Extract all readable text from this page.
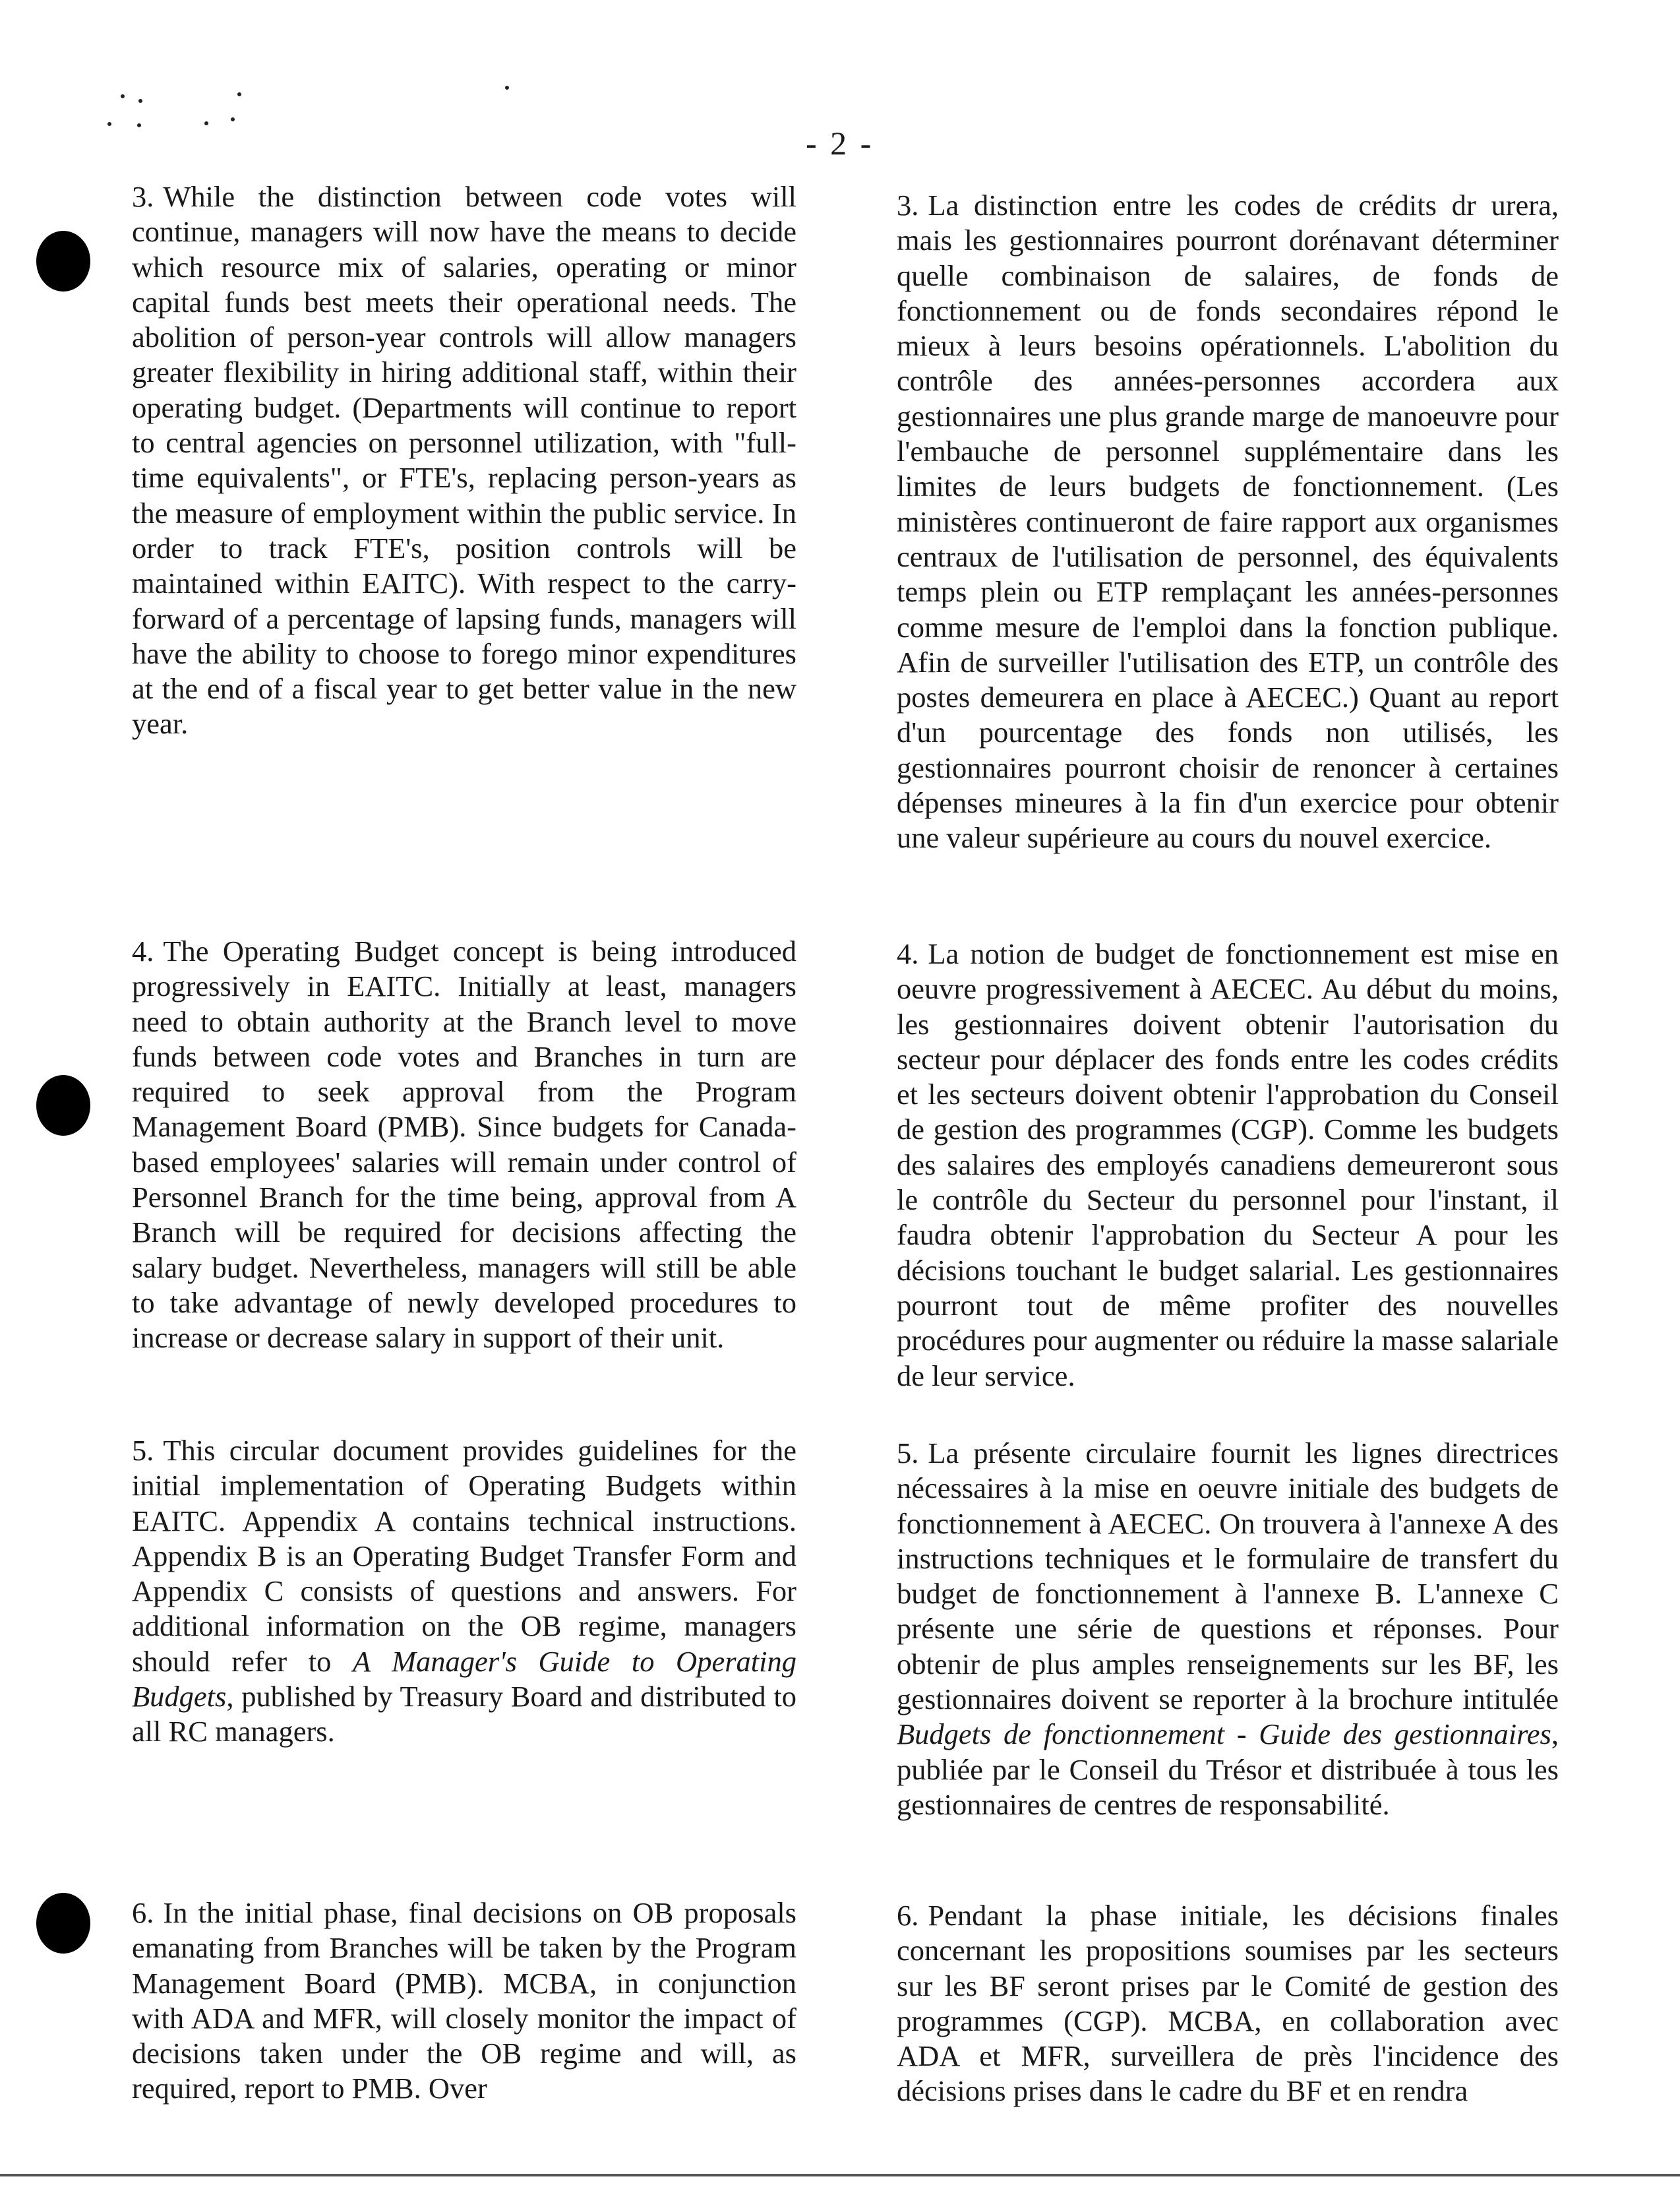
- 2 -

3. While the distinction between code votes will continue, managers will now have the means to decide which resource mix of salaries, operating or minor capital funds best meets their operational needs. The abolition of person-year controls will allow managers greater flexibility in hiring additional staff, within their operating budget. (Departments will continue to report to central agencies on personnel utilization, with "full-time equivalents", or FTE's, replacing person-years as the measure of employment within the public service. In order to track FTE's, position controls will be maintained within EAITC). With respect to the carry-forward of a percentage of lapsing funds, managers will have the ability to choose to forego minor expenditures at the end of a fiscal year to get better value in the new year.

4. The Operating Budget concept is being introduced progressively in EAITC. Initially at least, managers need to obtain authority at the Branch level to move funds between code votes and Branches in turn are required to seek approval from the Program Management Board (PMB). Since budgets for Canada-based employees' salaries will remain under control of Personnel Branch for the time being, approval from A Branch will be required for decisions affecting the salary budget. Nevertheless, managers will still be able to take advantage of newly developed procedures to increase or decrease salary in support of their unit.

5. This circular document provides guidelines for the initial implementation of Operating Budgets within EAITC. Appendix A contains technical instructions. Appendix B is an Operating Budget Transfer Form and Appendix C consists of questions and answers. For additional information on the OB regime, managers should refer to A Manager's Guide to Operating Budgets, published by Treasury Board and distributed to all RC managers.

6. In the initial phase, final decisions on OB proposals emanating from Branches will be taken by the Program Management Board (PMB). MCBA, in conjunction with ADA and MFR, will closely monitor the impact of decisions taken under the OB regime and will, as required, report to PMB. Over

3. La distinction entre les codes de crédits dr urera, mais les gestionnaires pourront dorénavant déterminer quelle combinaison de salaires, de fonds de fonctionnement ou de fonds secondaires répond le mieux à leurs besoins opérationnels. L'abolition du contrôle des années-personnes accordera aux gestionnaires une plus grande marge de manoeuvre pour l'embauche de personnel supplémentaire dans les limites de leurs budgets de fonctionnement. (Les ministères continueront de faire rapport aux organismes centraux de l'utilisation de personnel, des équivalents temps plein ou ETP remplaçant les années-personnes comme mesure de l'emploi dans la fonction publique. Afin de surveiller l'utilisation des ETP, un contrôle des postes demeurera en place à AECEC.) Quant au report d'un pourcentage des fonds non utilisés, les gestionnaires pourront choisir de renoncer à certaines dépenses mineures à la fin d'un exercice pour obtenir une valeur supérieure au cours du nouvel exercice.

4. La notion de budget de fonctionnement est mise en oeuvre progressivement à AECEC. Au début du moins, les gestionnaires doivent obtenir l'autorisation du secteur pour déplacer des fonds entre les codes crédits et les secteurs doivent obtenir l'approbation du Conseil de gestion des programmes (CGP). Comme les budgets des salaires des employés canadiens demeureront sous le contrôle du Secteur du personnel pour l'instant, il faudra obtenir l'approbation du Secteur A pour les décisions touchant le budget salarial. Les gestionnaires pourront tout de même profiter des nouvelles procédures pour augmenter ou réduire la masse salariale de leur service.

5. La présente circulaire fournit les lignes directrices nécessaires à la mise en oeuvre initiale des budgets de fonctionnement à AECEC. On trouvera à l'annexe A des instructions techniques et le formulaire de transfert du budget de fonctionnement à l'annexe B. L'annexe C présente une série de questions et réponses. Pour obtenir de plus amples renseignements sur les BF, les gestionnaires doivent se reporter à la brochure intitulée Budgets de fonctionnement - Guide des gestionnaires, publiée par le Conseil du Trésor et distribuée à tous les gestionnaires de centres de responsabilité.

6. Pendant la phase initiale, les décisions finales concernant les propositions soumises par les secteurs sur les BF seront prises par le Comité de gestion des programmes (CGP). MCBA, en collaboration avec ADA et MFR, surveillera de près l'incidence des décisions prises dans le cadre du BF et en rendra
